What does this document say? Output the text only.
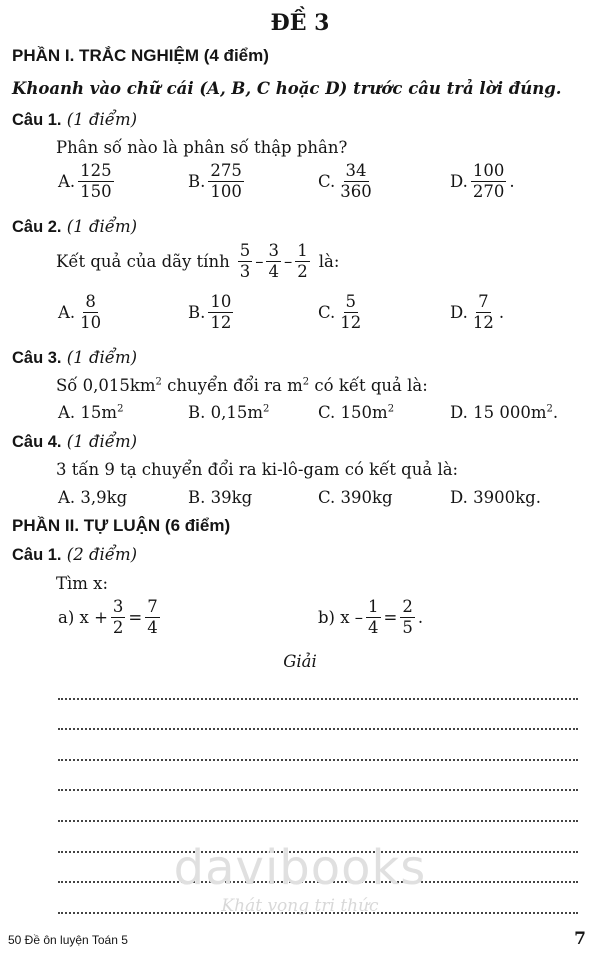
ĐỀ 3
PHẦN I. TRẮC NGHIỆM (4 điểm)
Khoanh vào chữ cái (A, B, C hoặc D) trước câu trả lời đúng.
Câu 1. (1 điểm)
Phân số nào là phân số thập phân?
A. $\frac{125}{150}$	B. $\frac{275}{100}$	C. $\frac{34}{360}$	D. $\frac{100}{270}$ .
Câu 2. (1 điểm)
Kết quả của dãy tính $\frac{5}{3} - \frac{3}{4} - \frac{1}{2}$ là:
A. $\frac{8}{10}$	B. $\frac{10}{12}$	C. $\frac{5}{12}$	D. $\frac{7}{12}$ .
Câu 3. (1 điểm)
Số $0,015km^2$ chuyển đổi ra $m^2$ có kết quả là:
A. $15m^2$	B. $0,15m^2$	C. $150m^2$	D. 15 $000m^2$.
Câu 4. (1 điểm)
3 tấn 9 tạ chuyển đổi ra ki-lô-gam có kết quả là:
A. 3,9kg	B. 39kg	C. 390kg	D. 3900kg.
PHẦN II. TỰ LUẬN (6 điểm)
Câu 1. (2 điểm)
Tìm x:
a) $x + \frac{3}{2} = \frac{7}{4}$	b) $x - \frac{1}{4} = \frac{2}{5}$ .
Giải
davibooks
Khát vọng tri thức
50 Đề ôn luyện Toán 5	7
